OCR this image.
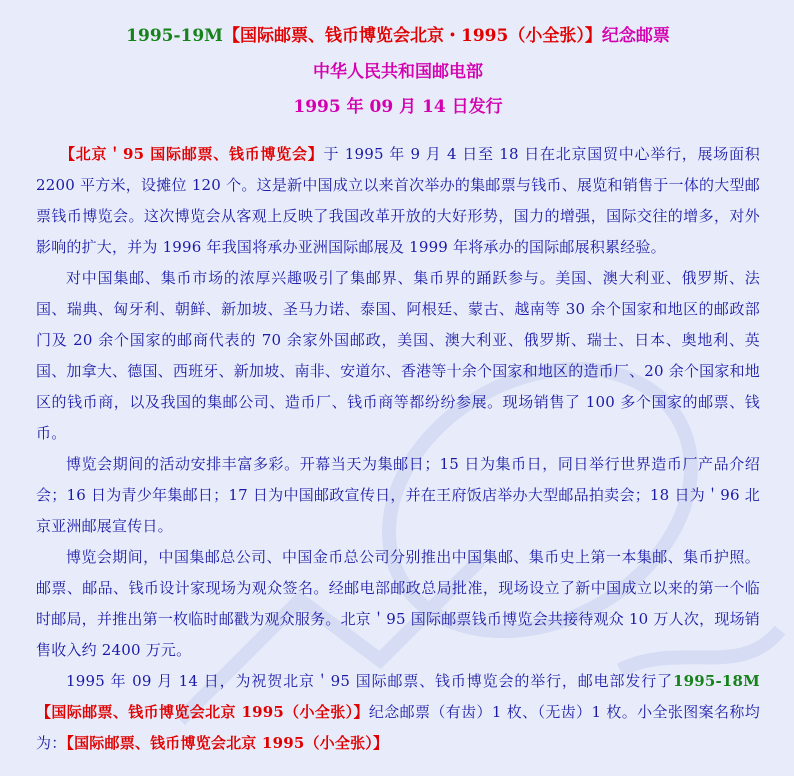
1995-19M【国际邮票、钱币博览会北京・1995（小全张）】纪念邮票
中华人民共和国邮电部
1995 年 09 月 14 日发行

【北京＇95 国际邮票、钱币博览会】于 1995 年 9 月 4 日至 18 日在北京国贸中心举行，展场面积 2200 平方米，设摊位 120 个。这是新中国成立以来首次举办的集邮票与钱币、展览和销售于一体的大型邮票钱币博览会。这次博览会从客观上反映了我国改革开放的大好形势，国力的增强，国际交往的增多，对外影响的扩大，并为 1996 年我国将承办亚洲国际邮展及 1999 年将承办的国际邮展积累经验。

对中国集邮、集币市场的浓厚兴趣吸引了集邮界、集币界的踊跃参与。美国、澳大利亚、俄罗斯、法国、瑞典、匈牙利、朝鲜、新加坡、圣马力诺、泰国、阿根廷、蒙古、越南等 30 余个国家和地区的邮政部门及 20 余个国家的邮商代表的 70 余家外国邮政，美国、澳大利亚、俄罗斯、瑞士、日本、奥地利、英国、加拿大、德国、西班牙、新加坡、南非、安道尔、香港等十余个国家和地区的造币厂、20 余个国家和地区的钱币商，以及我国的集邮公司、造币厂、钱币商等都纷纷参展。现场销售了 100 多个国家的邮票、钱币。

博览会期间的活动安排丰富多彩。开幕当天为集邮日；15 日为集币日，同日举行世界造币厂产品介绍会；16 日为青少年集邮日；17 日为中国邮政宣传日，并在王府饭店举办大型邮品拍卖会；18 日为＇96 北京亚洲邮展宣传日。

博览会期间，中国集邮总公司、中国金币总公司分别推出中国集邮、集币史上第一本集邮、集币护照。邮票、邮品、钱币设计家现场为观众签名。经邮电部邮政总局批准，现场设立了新中国成立以来的第一个临时邮局，并推出第一枚临时邮戳为观众服务。北京＇95 国际邮票钱币博览会共接待观众 10 万人次，现场销售收入约 2400 万元。

1995 年 09 月 14 日，为祝贺北京＇95 国际邮票、钱币博览会的举行，邮电部发行了1995-18M【国际邮票、钱币博览会北京 1995（小全张）】纪念邮票（有齿）1 枚、（无齿）1 枚。小全张图案名称均为：【国际邮票、钱币博览会北京 1995（小全张）】
